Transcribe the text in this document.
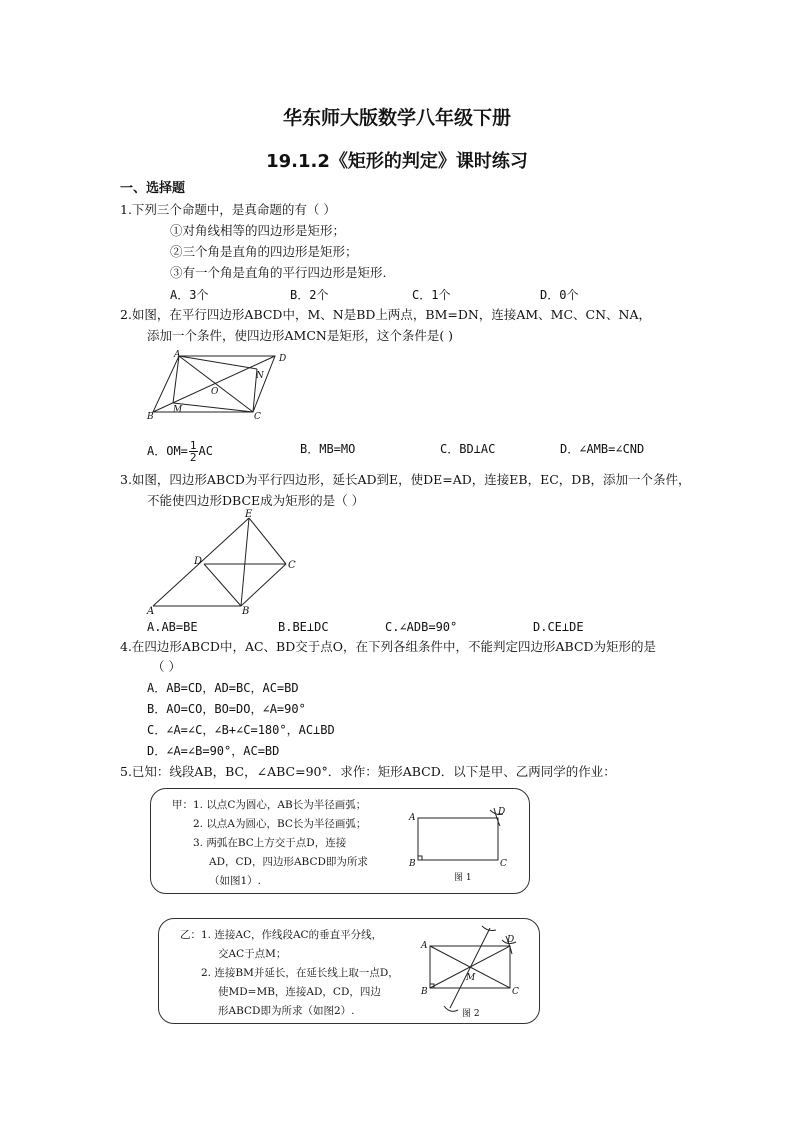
华东师大版数学八年级下册
19.1.2《矩形的判定》课时练习
一、选择题
1.下列三个命题中，是真命题的有（ ）
①对角线相等的四边形是矩形；
②三个角是直角的四边形是矩形；
③有一个角是直角的平行四边形是矩形.
A．3个	B．2个	C．1个	D．0个
2.如图，在平行四边形ABCD中，M、N是BD上两点，BM=DN，连接AM、MC、CN、NA，
添加一个条件，使四边形AMCN是矩形，这个条件是( )
A	D
B	C
M
N
O
A．$OM= \frac{1}{2}$ AC	B．MB=MO	C．BD⊥AC	D．∠AMB=∠CND
3.如图，四边形ABCD为平行四边形，延长AD到E，使DE=AD，连接EB，EC，DB，添加一个条件，
不能使四边形DBCE成为矩形的是（ ）
E
D	C
A	B
A.AB=BE	B.BE⊥DC	C.∠ADB=90°	D.CE⊥DE
4.在四边形ABCD中，AC、BD交于点O，在下列各组条件中，不能判定四边形ABCD为矩形的是
（ ）
A．AB=CD，AD=BC，AC=BD
B．AO=CO，BO=DO，∠A=90°
C．∠A=∠C，∠B+∠C=180°，AC⊥BD
D．∠A=∠B=90°，AC=BD
5.已知：线段AB，BC，∠ABC=90°．求作：矩形ABCD．以下是甲、乙两同学的作业：
甲：1. 以点C为圆心，AB长为半径画弧；
2. 以点A为圆心，BC长为半径画弧；
3. 两弧在BC上方交于点D，连接
AD，CD，四边形ABCD即为所求
（如图1）.
A
D
B	C
图 1
乙：1. 连接AC，作线段AC的垂直平分线，
交AC于点M；
2. 连接BM并延长，在延长线上取一点D，
使MD=MB，连接AD，CD，四边
形ABCD即为所求（如图2）.
A
D
B	C
M
图 2
